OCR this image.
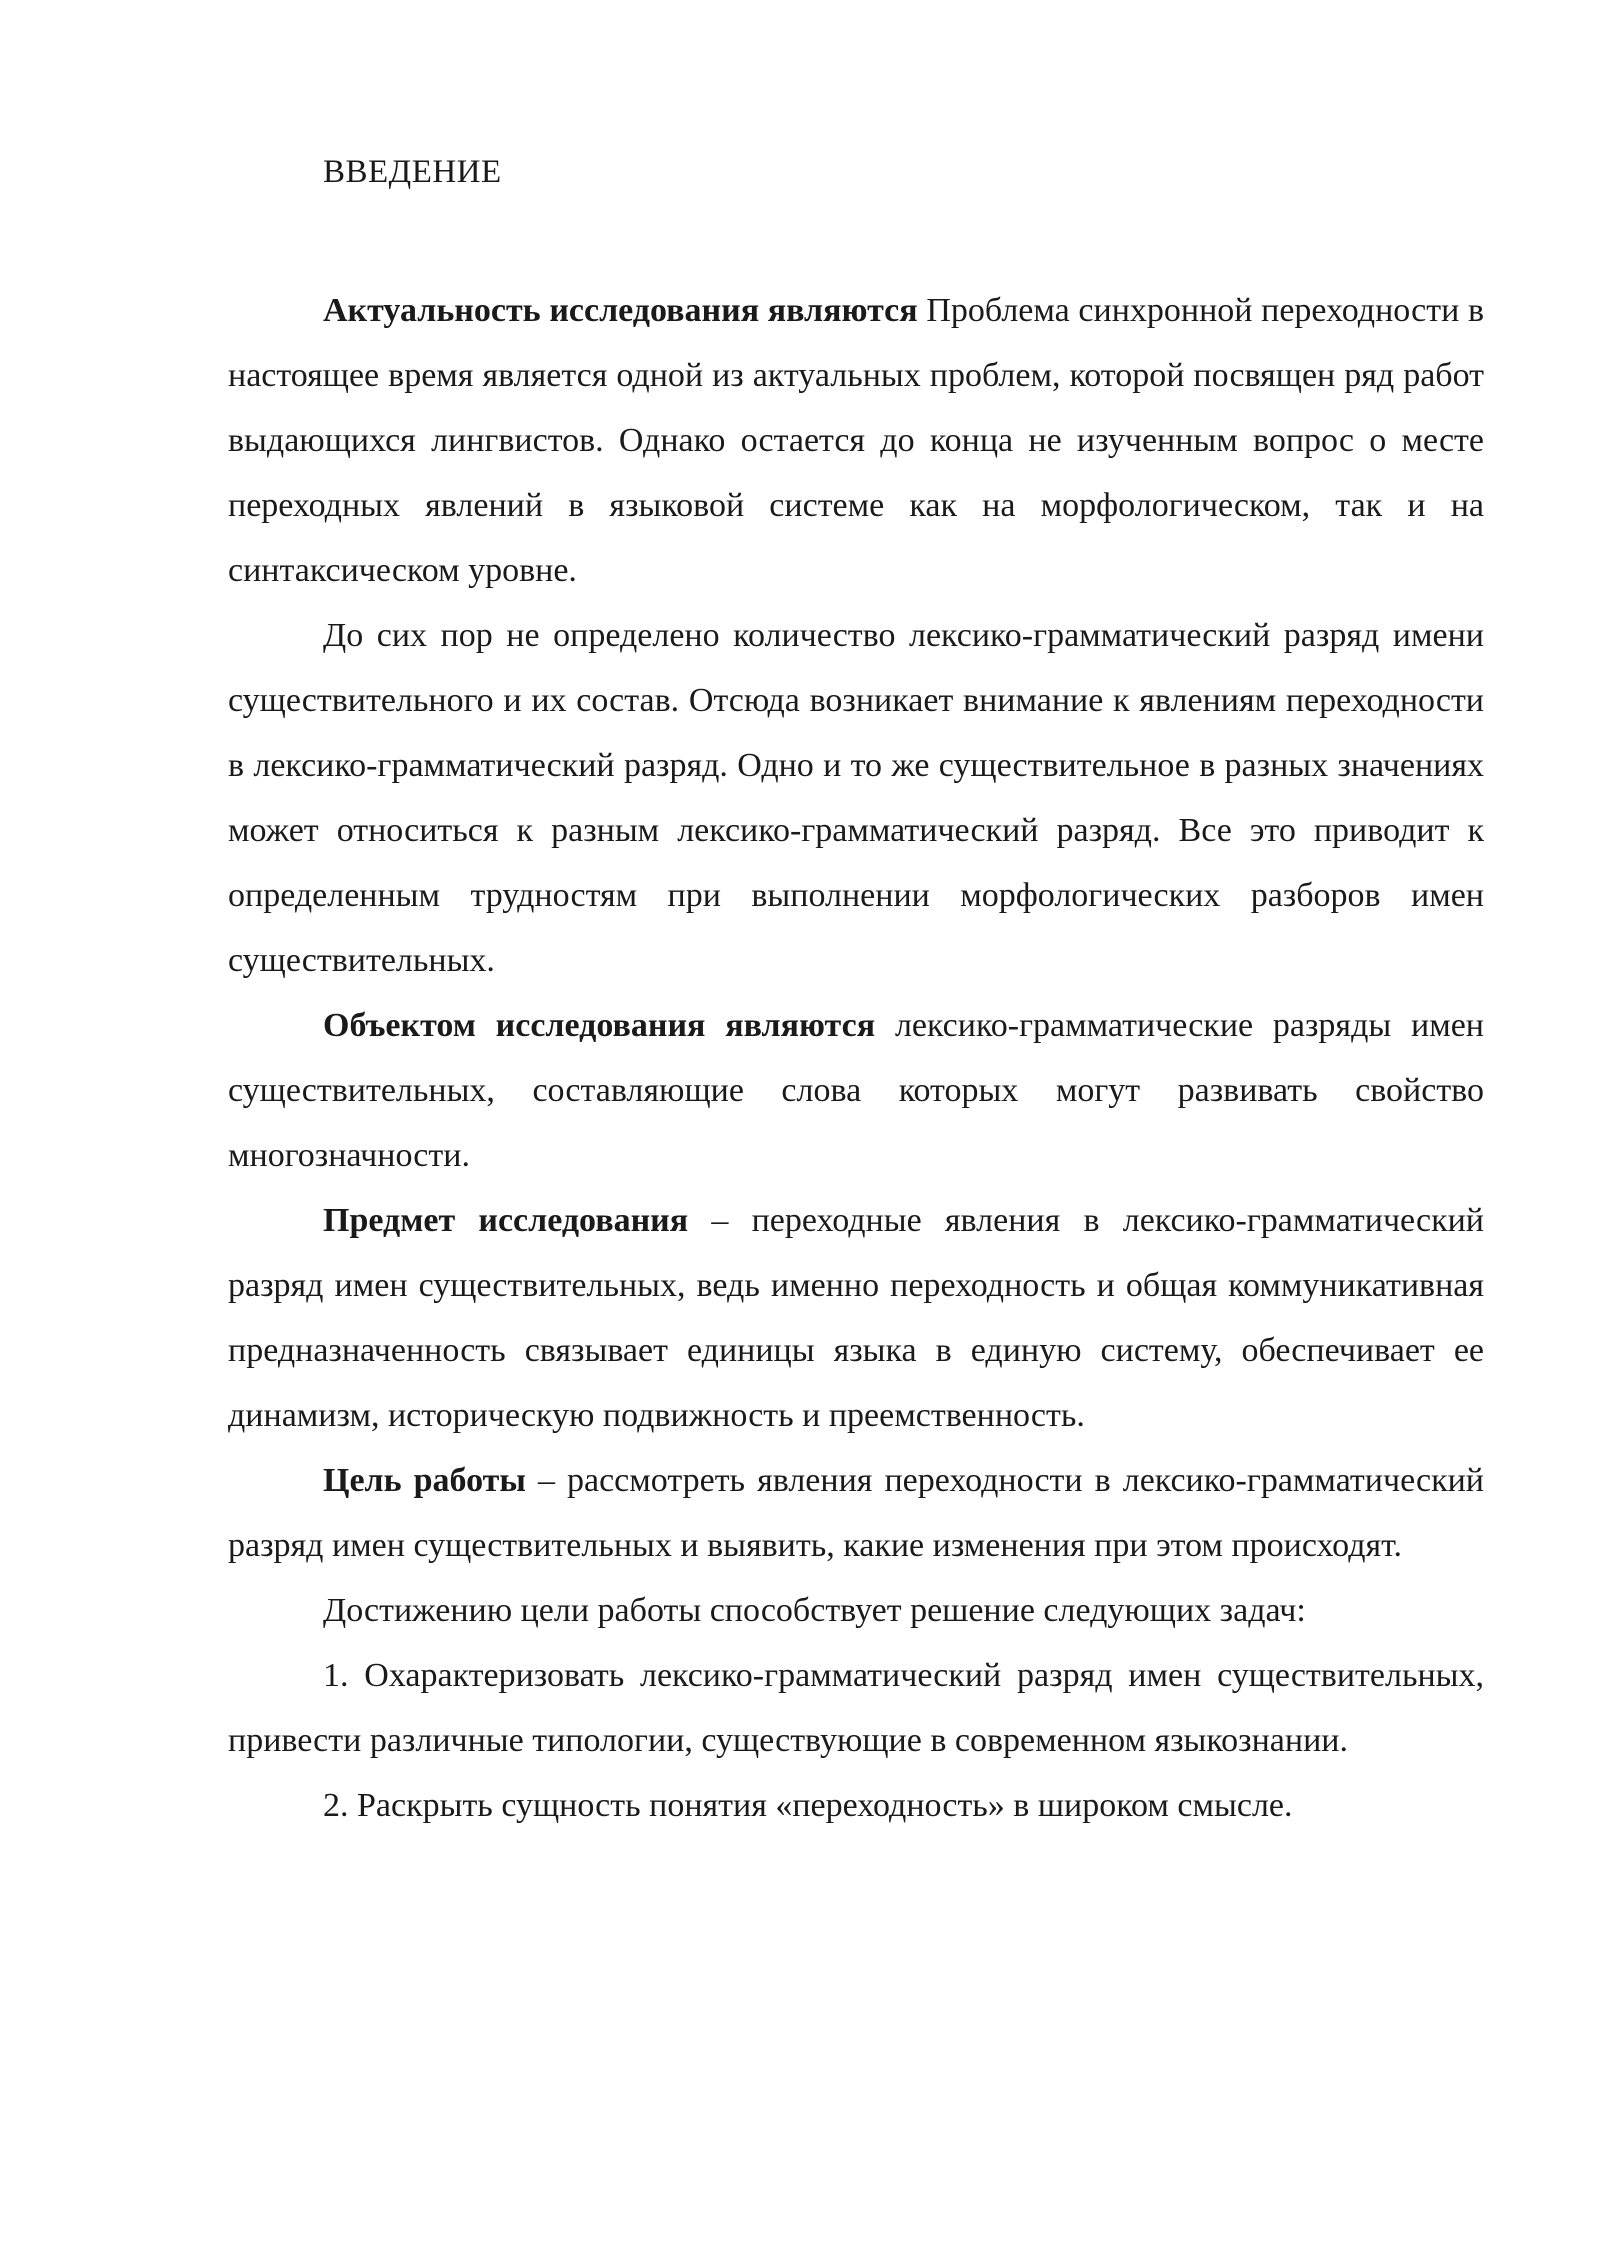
ВВЕДЕНИЕ

Актуальность исследования являются Проблема синхронной переходности в настоящее время является одной из актуальных проблем, которой посвящен ряд работ выдающихся лингвистов. Однако остается до конца не изученным вопрос о месте переходных явлений в языковой системе как на морфологическом, так и на синтаксическом уровне.

До сих пор не определено количество лексико-грамматический разряд имени существительного и их состав. Отсюда возникает внимание к явлениям переходности в лексико-грамматический разряд. Одно и то же существительное в разных значениях может относиться к разным лексико-грамматический разряд. Все это приводит к определенным трудностям при выполнении морфологических разборов имен существительных.

Объектом исследования являются лексико-грамматические разряды имен существительных, составляющие слова которых могут развивать свойство многозначности.

Предмет исследования – переходные явления в лексико-грамматический разряд имен существительных, ведь именно переходность и общая коммуникативная предназначенность связывает единицы языка в единую систему, обеспечивает ее динамизм, историческую подвижность и преемственность.

Цель работы – рассмотреть явления переходности в лексико-грамматический разряд имен существительных и выявить, какие изменения при этом происходят.

Достижению цели работы способствует решение следующих задач:

1. Охарактеризовать лексико-грамматический разряд имен существительных, привести различные типологии, существующие в современном языкознании.

2. Раскрыть сущность понятия «переходность» в широком смысле.
